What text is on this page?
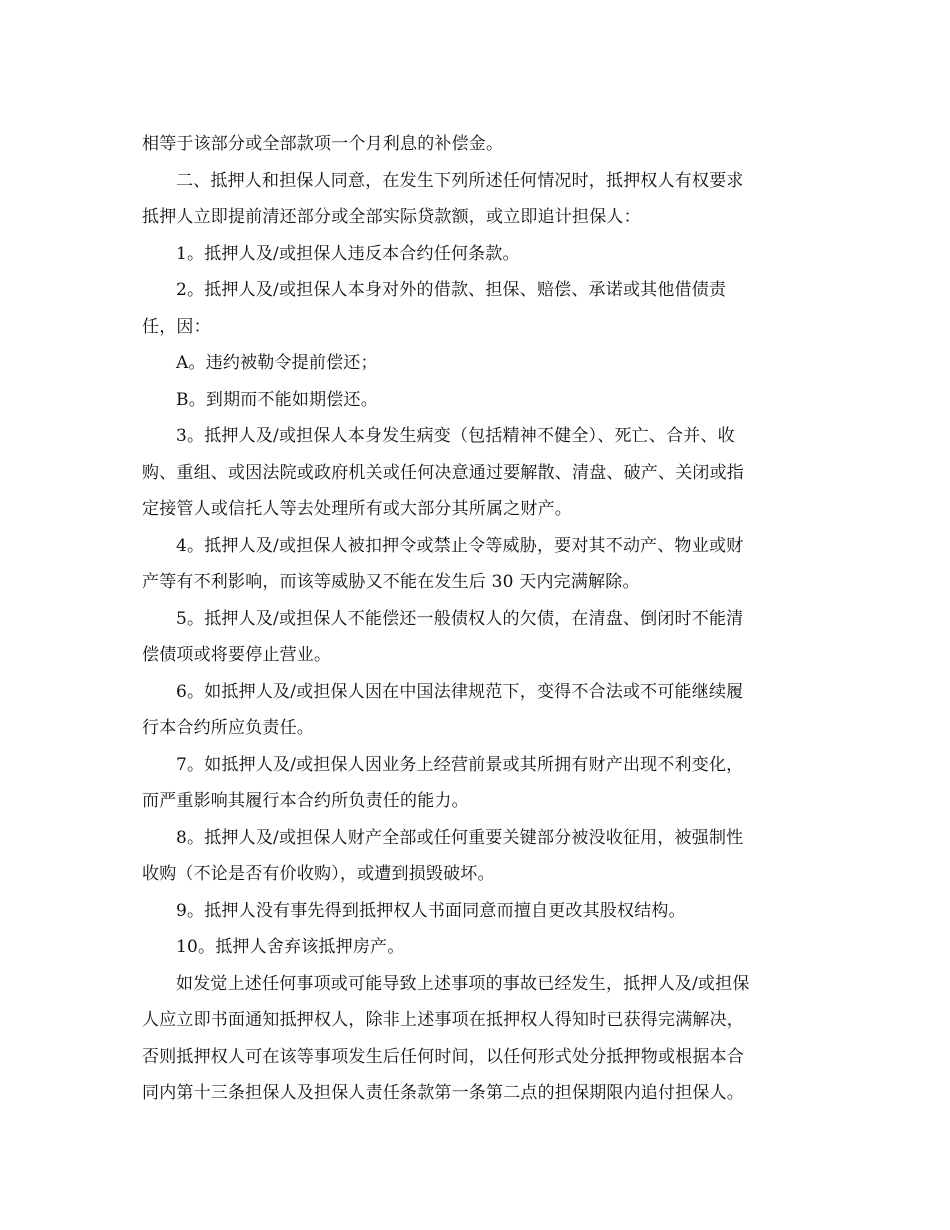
相等于该部分或全部款项一个月利息的补偿金。
二、抵押人和担保人同意，在发生下列所述任何情况时，抵押权人有权要求
抵押人立即提前清还部分或全部实际贷款额，或立即追计担保人：
1。抵押人及/或担保人违反本合约任何条款。
2。抵押人及/或担保人本身对外的借款、担保、赔偿、承诺或其他借债责
任，因：
A。违约被勒令提前偿还；
B。到期而不能如期偿还。
3。抵押人及/或担保人本身发生病变（包括精神不健全）、死亡、合并、收
购、重组、或因法院或政府机关或任何决意通过要解散、清盘、破产、关闭或指
定接管人或信托人等去处理所有或大部分其所属之财产。
4。抵押人及/或担保人被扣押令或禁止令等威胁，要对其不动产、物业或财
产等有不利影响，而该等威胁又不能在发生后 30 天内完满解除。
5。抵押人及/或担保人不能偿还一般债权人的欠债，在清盘、倒闭时不能清
偿债项或将要停止营业。
6。如抵押人及/或担保人因在中国法律规范下，变得不合法或不可能继续履
行本合约所应负责任。
7。如抵押人及/或担保人因业务上经营前景或其所拥有财产出现不利变化，
而严重影响其履行本合约所负责任的能力。
8。抵押人及/或担保人财产全部或任何重要关键部分被没收征用，被强制性
收购（不论是否有价收购），或遭到损毁破坏。
9。抵押人没有事先得到抵押权人书面同意而擅自更改其股权结构。
10。抵押人舍弃该抵押房产。
如发觉上述任何事项或可能导致上述事项的事故已经发生，抵押人及/或担保
人应立即书面通知抵押权人，除非上述事项在抵押权人得知时已获得完满解决，
否则抵押权人可在该等事项发生后任何时间，以任何形式处分抵押物或根据本合
同内第十三条担保人及担保人责任条款第一条第二点的担保期限内追付担保人。
